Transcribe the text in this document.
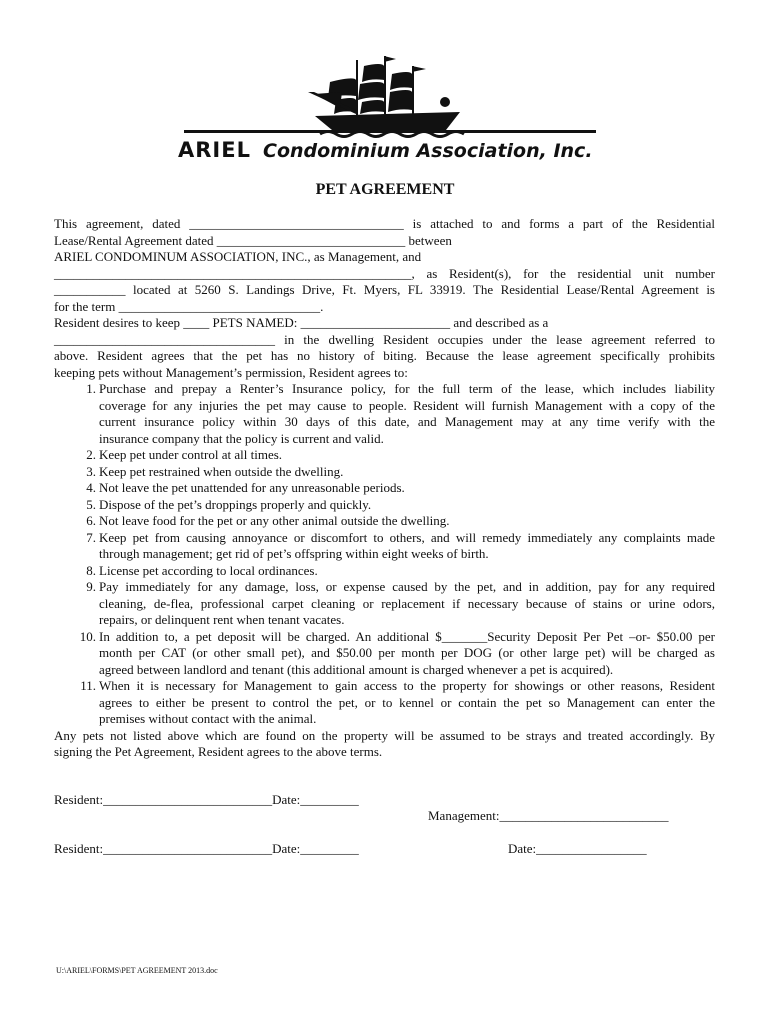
ARIEL Condominium Association, Inc.
PET AGREEMENT
This agreement, dated _________________________________ is attached to and forms a part of the Residential
Lease/Rental Agreement dated _____________________________ between
ARIEL CONDOMINUM ASSOCIATION, INC., as Management, and
_______________________________________________________, as Resident(s), for the residential unit number
___________ located at 5260 S. Landings Drive, Ft. Myers, FL 33919. The Residential Lease/Rental Agreement is
for the term _______________________________.
Resident desires to keep ____ PETS NAMED: _______________________ and described as a
__________________________________ in the dwelling Resident occupies under the lease agreement referred to
above. Resident agrees that the pet has no history of biting. Because the lease agreement specifically prohibits
keeping pets without Management’s permission, Resident agrees to:
1. Purchase and prepay a Renter’s Insurance policy, for the full term of the lease, which includes liability
coverage for any injuries the pet may cause to people. Resident will furnish Management with a copy of the
current insurance policy within 30 days of this date, and Management may at any time verify with the
insurance company that the policy is current and valid.
2. Keep pet under control at all times.
3. Keep pet restrained when outside the dwelling.
4. Not leave the pet unattended for any unreasonable periods.
5. Dispose of the pet’s droppings properly and quickly.
6. Not leave food for the pet or any other animal outside the dwelling.
7. Keep pet from causing annoyance or discomfort to others, and will remedy immediately any complaints made
through management; get rid of pet’s offspring within eight weeks of birth.
8. License pet according to local ordinances.
9. Pay immediately for any damage, loss, or expense caused by the pet, and in addition, pay for any required
cleaning, de-flea, professional carpet cleaning or replacement if necessary because of stains or urine odors,
repairs, or delinquent rent when tenant vacates.
10. In addition to, a pet deposit will be charged. An additional $_______Security Deposit Per Pet –or- $50.00 per
month per CAT (or other small pet), and $50.00 per month per DOG (or other large pet) will be charged as
agreed between landlord and tenant (this additional amount is charged whenever a pet is acquired).
11. When it is necessary for Management to gain access to the property for showings or other reasons, Resident
agrees to either be present to control the pet, or to kennel or contain the pet so Management can enter the
premises without contact with the animal.
Any pets not listed above which are found on the property will be assumed to be strays and treated accordingly. By
signing the Pet Agreement, Resident agrees to the above terms.
Resident:__________________________Date:_________
Management:__________________________
Resident:__________________________Date:_________	Date:_________________
U:\ARIEL\FORMS\PET AGREEMENT 2013.doc
